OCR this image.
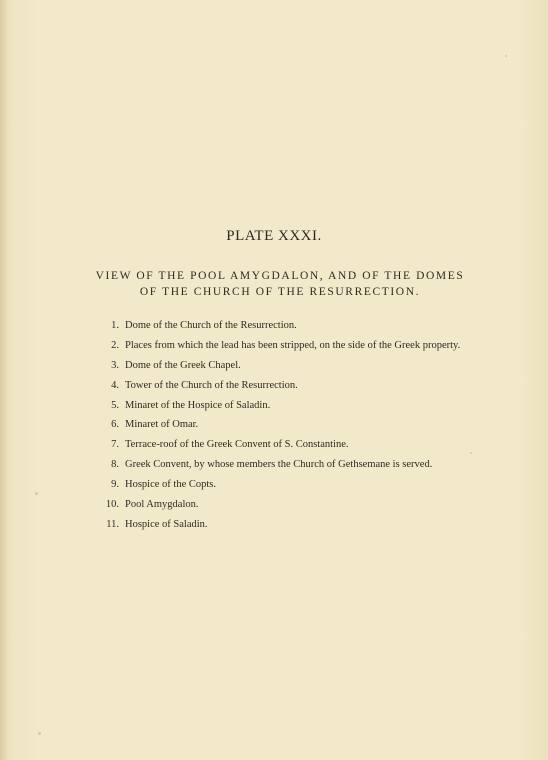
PLATE XXXI.
VIEW OF THE POOL AMYGDALON, AND OF THE DOMES
OF THE CHURCH OF THE RESURRECTION.
1. Dome of the Church of the Resurrection.
2. Places from which the lead has been stripped, on the side of the Greek property.
3. Dome of the Greek Chapel.
4. Tower of the Church of the Resurrection.
5. Minaret of the Hospice of Saladin.
6. Minaret of Omar.
7. Terrace-roof of the Greek Convent of S. Constantine.
8. Greek Convent, by whose members the Church of Gethsemane is served.
9. Hospice of the Copts.
10. Pool Amygdalon.
11. Hospice of Saladin.
